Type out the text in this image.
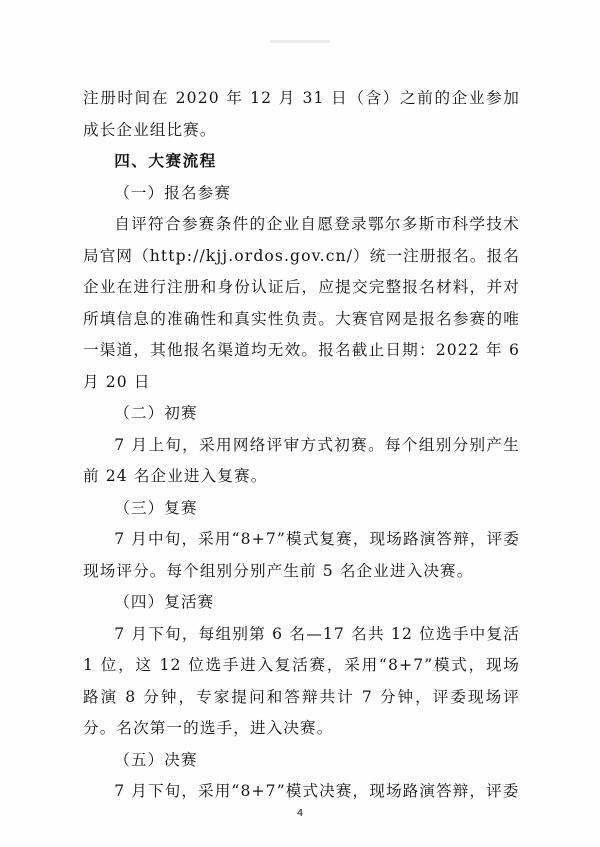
注册时间在 2020 年 12 月 31 日（含）之前的企业参加成长企业组比赛。

四、大赛流程

（一）报名参赛

自评符合参赛条件的企业自愿登录鄂尔多斯市科学技术局官网（http://kjj.ordos.gov.cn/）统一注册报名。报名企业在进行注册和身份认证后，应提交完整报名材料，并对所填信息的准确性和真实性负责。大赛官网是报名参赛的唯一渠道，其他报名渠道均无效。报名截止日期：2022 年 6 月 20 日

（二）初赛

7 月上旬，采用网络评审方式初赛。每个组别分别产生前 24 名企业进入复赛。

（三）复赛

7 月中旬，采用“8+7”模式复赛，现场路演答辩，评委现场评分。每个组别分别产生前 5 名企业进入决赛。

（四）复活赛

7 月下旬，每组别第 6 名—17 名共 12 位选手中复活 1 位，这 12 位选手进入复活赛，采用“8+7”模式，现场路演 8 分钟，专家提问和答辩共计 7 分钟，评委现场评分。名次第一的选手，进入决赛。

（五）决赛

7 月下旬，采用“8+7”模式决赛，现场路演答辩，评委

4
